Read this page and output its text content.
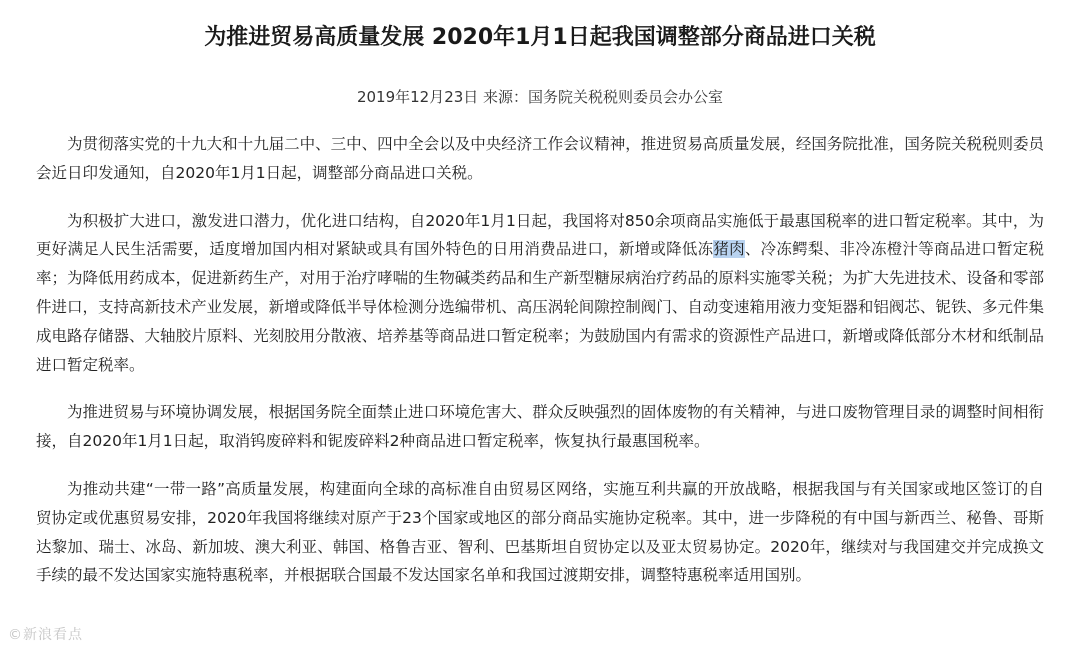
为推进贸易高质量发展 2020年1月1日起我国调整部分商品进口关税
2019年12月23日 来源：国务院关税税则委员会办公室

为贯彻落实党的十九大和十九届二中、三中、四中全会以及中央经济工作会议精神，推进贸易高质量发展，经国务院批准，国务院关税税则委员会近日印发通知，自2020年1月1日起，调整部分商品进口关税。

为积极扩大进口，激发进口潜力，优化进口结构，自2020年1月1日起，我国将对850余项商品实施低于最惠国税率的进口暂定税率。其中，为更好满足人民生活需要，适度增加国内相对紧缺或具有国外特色的日用消费品进口，新增或降低冻猪肉、冷冻鳄梨、非冷冻橙汁等商品进口暂定税率；为降低用药成本，促进新药生产，对用于治疗哮喘的生物碱类药品和生产新型糖尿病治疗药品的原料实施零关税；为扩大先进技术、设备和零部件进口，支持高新技术产业发展，新增或降低半导体检测分选编带机、高压涡轮间隙控制阀门、自动变速箱用液力变矩器和铝阀芯、铌铁、多元件集成电路存储器、大轴胶片原料、光刻胶用分散液、培养基等商品进口暂定税率；为鼓励国内有需求的资源性产品进口，新增或降低部分木材和纸制品进口暂定税率。

为推进贸易与环境协调发展，根据国务院全面禁止进口环境危害大、群众反映强烈的固体废物的有关精神，与进口废物管理目录的调整时间相衔接，自2020年1月1日起，取消钨废碎料和铌废碎料2种商品进口暂定税率，恢复执行最惠国税率。

为推动共建“一带一路”高质量发展，构建面向全球的高标准自由贸易区网络，实施互利共赢的开放战略，根据我国与有关国家或地区签订的自贸协定或优惠贸易安排，2020年我国将继续对原产于23个国家或地区的部分商品实施协定税率。其中，进一步降税的有中国与新西兰、秘鲁、哥斯达黎加、瑞士、冰岛、新加坡、澳大利亚、韩国、格鲁吉亚、智利、巴基斯坦自贸协定以及亚太贸易协定。2020年，继续对与我国建交并完成换文手续的最不发达国家实施特惠税率，并根据联合国最不发达国家名单和我国过渡期安排，调整特惠税率适用国别。

©新浪看点
